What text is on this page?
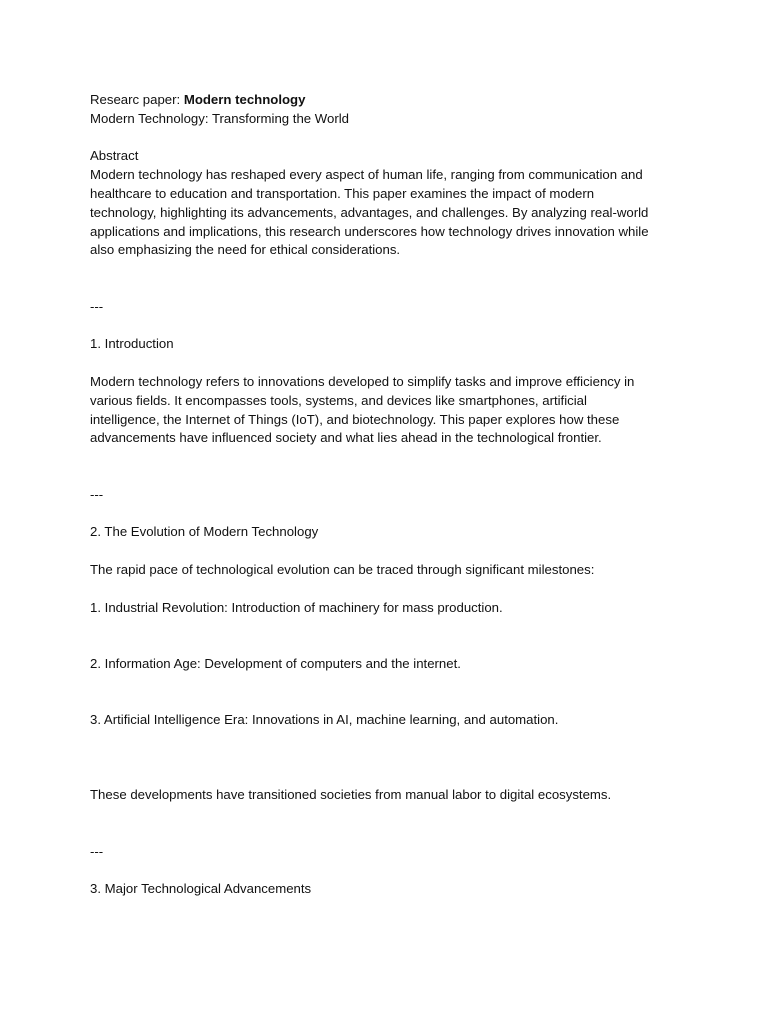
Researc paper: Modern technology

Modern Technology: Transforming the World

Abstract

Modern technology has reshaped every aspect of human life, ranging from communication and

healthcare to education and transportation. This paper examines the impact of modern

technology, highlighting its advancements, advantages, and challenges. By analyzing real-world

applications and implications, this research underscores how technology drives innovation while

also emphasizing the need for ethical considerations.

---

1. Introduction

Modern technology refers to innovations developed to simplify tasks and improve efficiency in

various fields. It encompasses tools, systems, and devices like smartphones, artificial

intelligence, the Internet of Things (IoT), and biotechnology. This paper explores how these

advancements have influenced society and what lies ahead in the technological frontier.

---

2. The Evolution of Modern Technology

The rapid pace of technological evolution can be traced through significant milestones:

1. Industrial Revolution: Introduction of machinery for mass production.

2. Information Age: Development of computers and the internet.

3. Artificial Intelligence Era: Innovations in AI, machine learning, and automation.

These developments have transitioned societies from manual labor to digital ecosystems.

---

3. Major Technological Advancements
